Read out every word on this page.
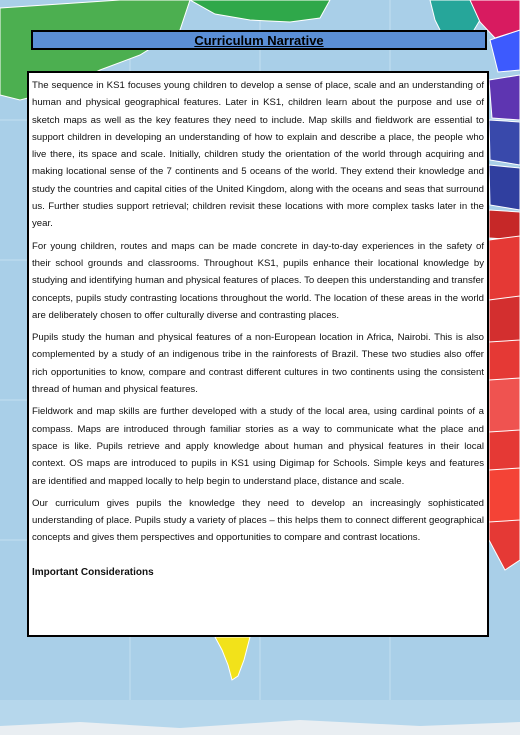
Curriculum Narrative

The sequence in KS1 focuses young children to develop a sense of place, scale and an understanding of human and physical geographical features. Later in KS1, children learn about the purpose and use of sketch maps as well as the key features they need to include. Map skills and fieldwork are essential to support children in developing an understanding of how to explain and describe a place, the people who live there, its space and scale. Initially, children study the orientation of the world through acquiring and making locational sense of the 7 continents and 5 oceans of the world. They extend their knowledge and study the countries and capital cities of the United Kingdom, along with the oceans and seas that surround us. Further studies support retrieval; children revisit these locations with more complex tasks later in the year.

For young children, routes and maps can be made concrete in day-to-day experiences in the safety of their school grounds and classrooms. Throughout KS1, pupils enhance their locational knowledge by studying and identifying human and physical features of places. To deepen this understanding and transfer concepts, pupils study contrasting locations throughout the world. The location of these areas in the world are deliberately chosen to offer culturally diverse and contrasting places.

Pupils study the human and physical features of a non-European location in Africa, Nairobi. This is also complemented by a study of an indigenous tribe in the rainforests of Brazil. These two studies also offer rich opportunities to know, compare and contrast different cultures in two continents using the consistent thread of human and physical features.

Fieldwork and map skills are further developed with a study of the local area, using cardinal points of a compass. Maps are introduced through familiar stories as a way to communicate what the place and space is like. Pupils retrieve and apply knowledge about human and physical features in their local context. OS maps are introduced to pupils in KS1 using Digimap for Schools. Simple keys and features are identified and mapped locally to help begin to understand place, distance and scale.

Our curriculum gives pupils the knowledge they need to develop an increasingly sophisticated understanding of place. Pupils study a variety of places – this helps them to connect different geographical concepts and gives them perspectives and opportunities to compare and contrast locations.

Important Considerations
